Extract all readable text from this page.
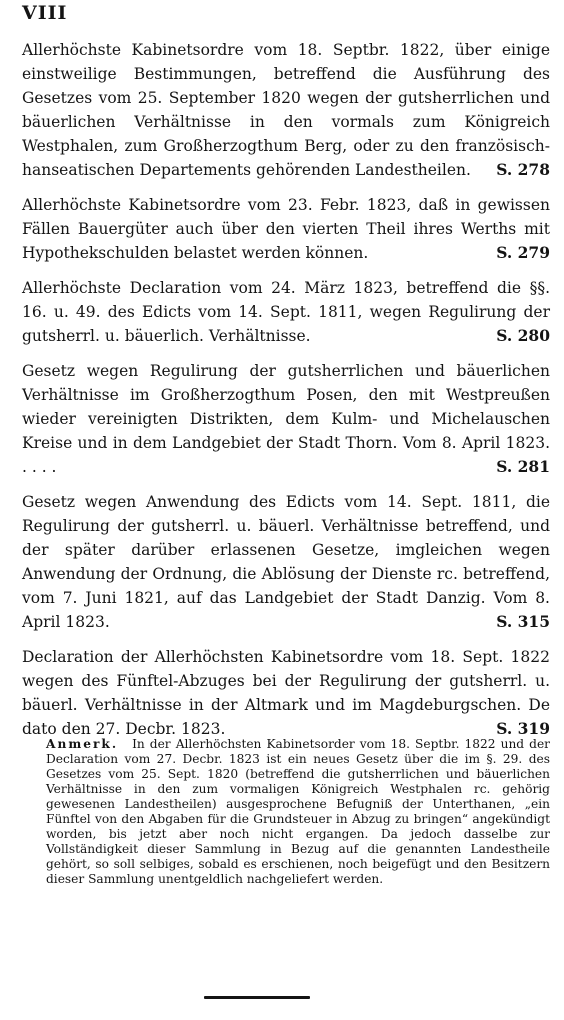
VIII
Allerhöchste Kabinetsordre vom 18. Septbr. 1822, über einige einstweilige Bestimmungen, betreffend die Ausführung des Gesetzes vom 25. September 1820 wegen der gutsherrlichen und bäuerlichen Verhältnisse in den vormals zum Königreich Westphalen, zum Großherzogthum Berg, oder zu den französisch-hanseatischen Departements gehörenden Landestheilen. S. 278
Allerhöchste Kabinetsordre vom 23. Febr. 1823, daß in gewissen Fällen Bauergüter auch über den vierten Theil ihres Werths mit Hypothekschulden belastet werden können.	S. 279
Allerhöchste Declaration vom 24. März 1823, betreffend die §§. 16. u. 49. des Edicts vom 14. Sept. 1811, wegen Regulirung der gutsherrl. u. bäuerlich. Verhältnisse.	S. 280
Gesetz wegen Regulirung der gutsherrlichen und bäuerlichen Verhältnisse im Großherzogthum Posen, den mit Westpreußen wieder vereinigten Distrikten, dem Kulm- und Michelauschen Kreise und in dem Landgebiet der Stadt Thorn. Vom 8. April 1823. . . . .	S. 281
Gesetz wegen Anwendung des Edicts vom 14. Sept. 1811, die Regulirung der gutsherrl. u. bäuerl. Verhältnisse betreffend, und der später darüber erlassenen Gesetze, imgleichen wegen Anwendung der Ordnung, die Ablösung der Dienste rc. betreffend, vom 7. Juni 1821, auf das Landgebiet der Stadt Danzig. Vom 8. April 1823.	S. 315
Declaration der Allerhöchsten Kabinetsordre vom 18. Sept. 1822 wegen des Fünftel-Abzuges bei der Regulirung der gutsherrl. u. bäuerl. Verhältnisse in der Altmark und im Magdeburgschen. De dato den 27. Decbr. 1823.	S. 319
Anmerk. In der Allerhöchsten Kabinetsorder vom 18. Septbr. 1822 und der Declaration vom 27. Decbr. 1823 ist ein neues Gesetz über die im §. 29. des Gesetzes vom 25. Sept. 1820 (betreffend die gutsherrlichen und bäuerlichen Verhältnisse in den zum vormaligen Königreich Westphalen rc. gehörig gewesenen Landestheilen) ausgesprochene Befugniß der Unterthanen, „ein Fünftel von den Abgaben für die Grundsteuer in Abzug zu bringen“ angekündigt worden, bis jetzt aber noch nicht ergangen. Da jedoch dasselbe zur Vollständigkeit dieser Sammlung in Bezug auf die genannten Landestheile gehört, so soll selbiges, sobald es erschienen, noch beigefügt und den Besitzern dieser Sammlung unentgeldlich nachgeliefert werden.
